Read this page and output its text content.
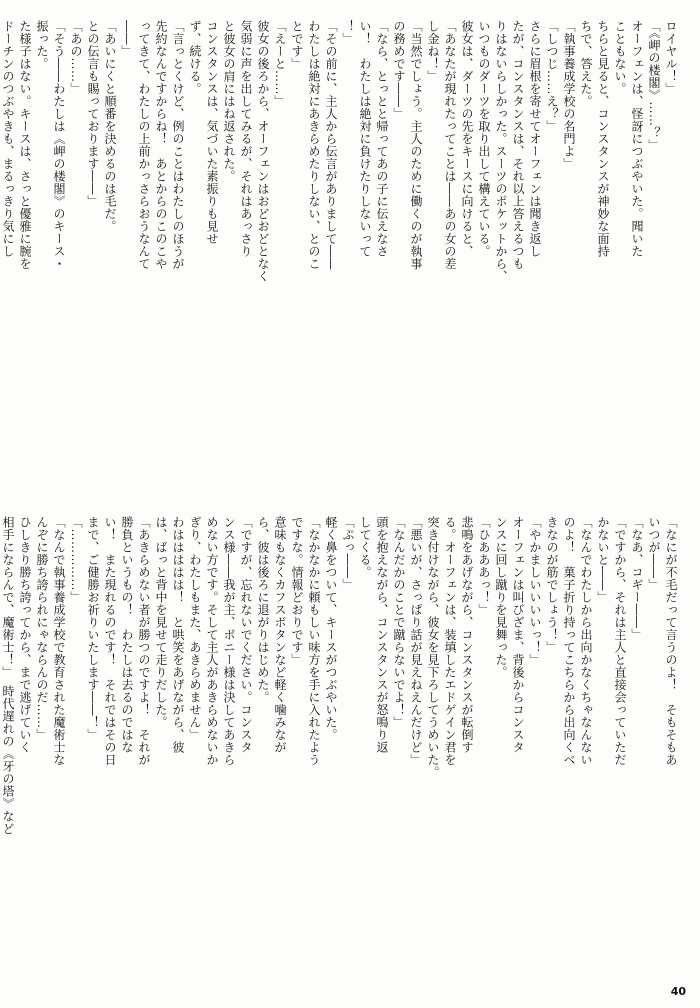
ロイヤル！」
「《岬の楼閣》……？」
オーフェンは、怪訝につぶやいた。聞いた
こともない。
ちらと見ると、コンスタンスが神妙な面持
ちで、答えた。
「執事養成学校の名門よ」
「しつじ……え？」
さらに眉根を寄せてオーフェンは聞き返し
たが、コンスタンスは、それ以上答えるつも
りはないらしかった。スーツのポケットから、
いつものダーツを取り出して構えている。
彼女は、ダーツの先をキースに向けると、
「あなたが現れたってことは――あの女の差
し金ね！」
「当然でしょう。主人のために働くのが執事
の務めです――」
「なら、とっとと帰ってあの子に伝えなさ
い！　わたしは絶対に負けたりしないって
！」
「その前に、主人から伝言がありまして――
わたしは絶対にあきらめたりしない、とのこ
とです」
「えーと……」
彼女の後ろから、オーフェンはおどおどとなく
気弱に声を出してみるが、それはあっさり
と彼女の肩にはね返された。
コンスタンスは、気づいた素振りも見せ
ず、続ける。
「言っとくけど、例のことはわたしのほうが
先約なんですからね！　あとからのこのこや
ってきて、わたしの上前かっさらおうなんて
――」
「あいにくと順番を決めるのは毛だ。
との伝言も賜っております――」
「あの……」
「そう――わたしは《岬の楼閣》のキース・
振った。
た様子はない。キースは、さっと優雅に腕を
ドーチンのつぶやきも、まるっきり気にし
「なにが不毛だって言うのよ！　そもそもあ
いつが――」
「なあ、コギー――」
「ですから、それは主人と直接会っていただ
かないと――」
「なんでわたしから出向かなくちゃなんない
のよ！　菓子折り持ってこちらから出向くべ
きなのが筋でしょう！」
「やかましいいいいっ！」
オーフェンは叫びざま、背後からコンスタ
ンスに回し蹴りを見舞った。
「ひあああっ！」
悲鳴をあげながら、コンスタンスが転倒す
る。オーフェンは、装填したエドゲイン君を
突き付けながら、彼女を見下ろしてうめいた。
「悪いが、さっぱり話が見えねえんだけど」
「なんだかのことで蹴らないでよ！」
頭を抱えながら、コンスタンスが怒鳴り返
してくる。
「ぷっ――」
軽く鼻をついて、キースがつぶやいた。
「なかなかに頼もしい味方を手に入れたよう
ですな。情報どおりです」
意味もなくカフスボタンなど軽く噛みなが
ら、彼は後ろに退がりはじめた。
「ですが、忘れないでください。コンスタ
ンス様――我が主、ボニー様は決してあきら
めない方です。そして主人があきらめないか
ぎり、わたしもまた、あきらめません」
わははははは！　と哄笑をあげながら、彼
は、ばっと背中を見せて走りだした。
「あきらめない者が勝つのですよ！　それが
勝負というもの！　わたしは去るのではな
い！　また現れるのです！　それではその日
まで、ご健勝お祈りいたします――！」
「……………」
「なんで執事養成学校で教育された魔術士な
んぞに勝ち誇られにゃならんのだ……」
ひしきり勝ち誇ってから、まで逃げていく
相手にならんで、魔術士！」　時代遅れの《牙の塔》など
40
